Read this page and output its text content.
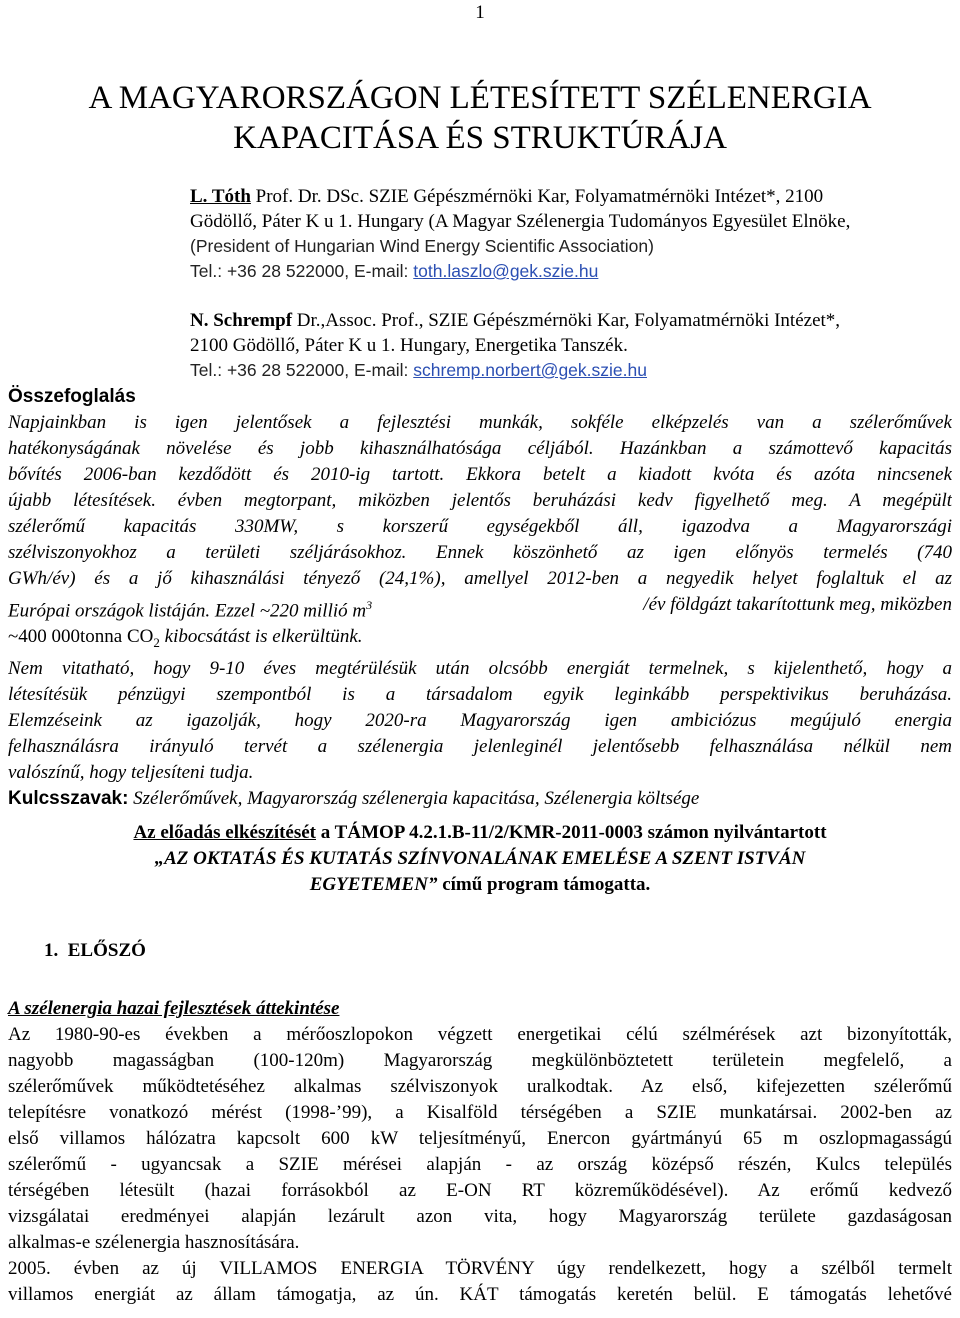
1
A MAGYARORSZÁGON LÉTESÍTETT SZÉLENERGIA
KAPACITÁSA ÉS STRUKTÚRÁJA
L. Tóth Prof. Dr. DSc. SZIE Gépészmérnöki Kar, Folyamatmérnöki Intézet*, 2100
Gödöllő, Páter K u 1. Hungary (A Magyar Szélenergia Tudományos Egyesület Elnöke,
(President of Hungarian Wind Energy Scientific Association)
Tel.: +36 28 522000, E-mail: toth.laszlo@gek.szie.hu
N. Schrempf Dr.,Assoc. Prof., SZIE Gépészmérnöki Kar, Folyamatmérnöki Intézet*,
2100 Gödöllő, Páter K u 1. Hungary, Energetika Tanszék.
Tel.: +36 28 522000, E-mail: schremp.norbert@gek.szie.hu
Összefoglalás
Napjainkban is igen jelentősek a fejlesztési munkák, sokféle elképzelés van a szélerőművek
hatékonyságának növelése és jobb kihasználhatósága céljából. Hazánkban a számottevő kapacitás
bővítés 2006-ban kezdődött és 2010-ig tartott. Ekkora betelt a kiadott kvóta és azóta nincsenek
újabb létesítések. évben megtorpant, miközben jelentős beruházási kedv figyelhető meg. A megépült
szélerőmű kapacitás 330MW, s korszerű egységekből áll, igazodva a Magyarországi
szélviszonyokhoz a területi széljárásokhoz. Ennek köszönhető az igen előnyös termelés (740
GWh/év) és a jő kihasználási tényező (24,1%), amellyel 2012-ben a negyedik helyet foglaltuk el az
Európai országok listáján. Ezzel ~220 millió $m^3$	/év földgázt takarítottunk meg, miközben
~400 000tonna $CO_2$ kibocsátást is elkerültünk.
Nem vitatható, hogy 9-10 éves megtérülésük után olcsóbb energiát termelnek, s kijelenthető, hogy a
létesítésük pénzügyi szempontból is a társadalom egyik leginkább perspektivikus beruházása.
Elemzéseink az igazolják, hogy 2020-ra Magyarország igen ambiciózus megújuló energia
felhasználásra irányuló tervét a szélenergia jelenleginél jelentősebb felhasználása nélkül nem
valószínű, hogy teljesíteni tudja.
Kulcsszavak: Szélerőművek, Magyarország szélenergia kapacitása, Szélenergia költsége
Az előadás elkészítését a TÁMOP 4.2.1.B-11/2/KMR-2011-0003 számon nyilvántartott
„AZ OKTATÁS ÉS KUTATÁS SZÍNVONALÁNAK EMELÉSE A SZENT ISTVÁN
EGYETEMEN” című program támogatta.
1.  ELŐSZÓ
A szélenergia hazai fejlesztések áttekintése
Az 1980-90-es években a mérőoszlopokon végzett energetikai célú szélmérések azt bizonyították,
nagyobb magasságban (100-120m) Magyarország megkülönböztetett területein megfelelő, a
szélerőművek működtetéséhez alkalmas szélviszonyok uralkodtak. Az első, kifejezetten szélerőmű
telepítésre vonatkozó mérést (1998-’99), a Kisalföld térségében a SZIE munkatársai. 2002-ben az
első villamos hálózatra kapcsolt 600 kW teljesítményű, Enercon gyártmányú 65 m oszlopmagasságú
szélerőmű - ugyancsak a SZIE mérései alapján - az ország középső részén, Kulcs település
térségében létesült (hazai forrásokból az E-ON RT közreműködésével). Az erőmű kedvező
vizsgálatai eredményei alapján lezárult azon vita, hogy Magyarország területe gazdaságosan
alkalmas-e szélenergia hasznosítására.
2005. évben az új VILLAMOS ENERGIA TÖRVÉNY úgy rendelkezett, hogy a szélből termelt
villamos energiát az állam támogatja, az ún. KÁT támogatás keretén belül. E támogatás lehetővé
